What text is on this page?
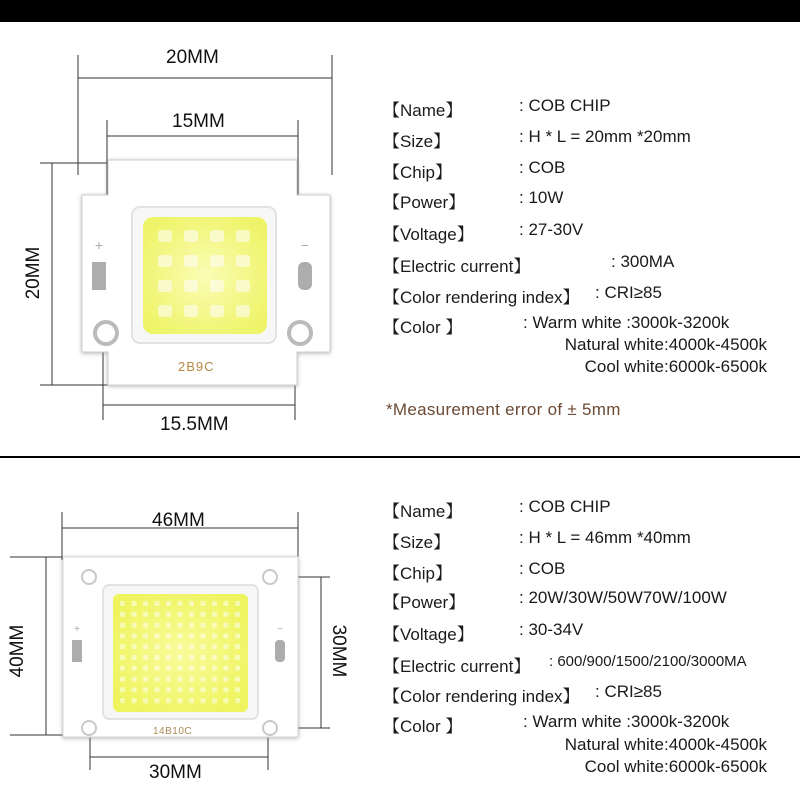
+	−
20MM
15MM
20MM
15.5MM
2B9C
【Name】	: COB CHIP
【Size】	: H * L = 20mm *20mm
【Chip】	: COB
【Power】	: 10W
【Voltage】	: 27-30V
【Electric current】	: 300MA
【Color rendering index】 : CRI≥85
【Color 】	: Warm white :3000k-3200k
Natural white:4000k-4500k
Cool white:6000k-6500k
*Measurement error of ± 5mm
+	−
46MM
40MM	30MM
30MM
14B10C
【Name】	: COB CHIP
【Size】	: H * L = 46mm *40mm
【Chip】	: COB
【Power】	: 20W/30W/50W70W/100W
【Voltage】	: 30-34V
【Electric current】 : 600/900/1500/2100/3000MA
【Color rendering index】 : CRI≥85
【Color 】	: Warm white :3000k-3200k
Natural white:4000k-4500k
Cool white:6000k-6500k
